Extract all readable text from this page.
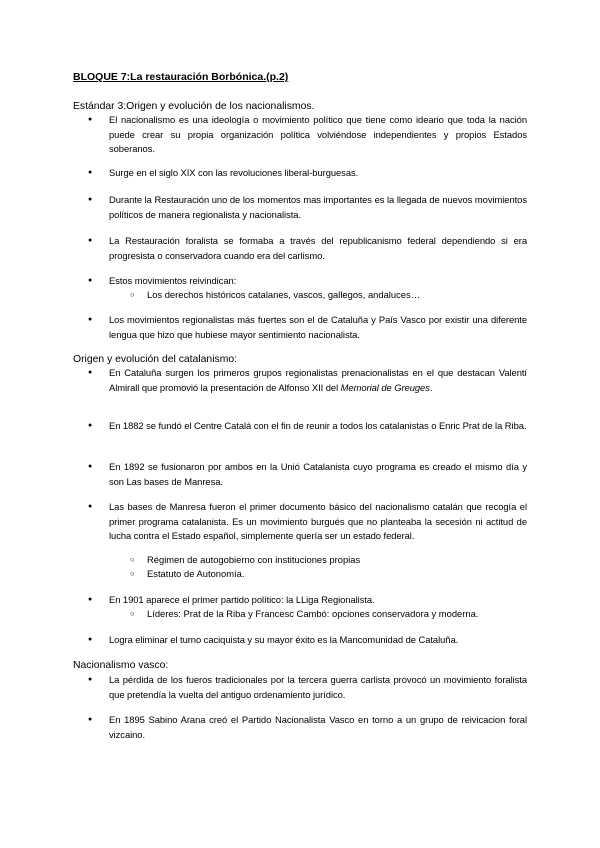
BLOQUE 7:La restauración Borbónica.(p.2)
Estándar 3:Origen y evolución de los nacionalismos.
● El nacionalismo es una ideología o movimiento político que tiene como ideario que toda la nación puede crear su propia organización política volviéndose independientes y propios Estados soberanos.
● Surge en el siglo XIX con las revoluciones liberal-burguesas.
● Durante la Restauración uno de los momentos mas importantes es la llegada de nuevos movimientos políticos de manera regionalista y nacionalista.
● La Restauración foralista se formaba a través del republicanismo federal dependiendo si era progresista o conservadora cuando era del carlismo.
● Estos movimientos reivindican:
○ Los derechos históricos catalanes, vascos, gallegos, andaluces…
● Los movimientos regionalistas más fuertes son el de Cataluña y País Vasco por existir una diferente lengua que hizo que hubiese mayor sentimiento nacionalista.
Origen y evolución del catalanismo:
● En Cataluña surgen los primeros grupos regionalistas prenacionalistas en el que destacan Valentí Almirall que promovió la presentación de Alfonso XII del Memorial de Greuges.
● En 1882 se fundó el Centre Catalá con el fin de reunir a todos los catalanistas o Enric Prat de la Riba.
● En 1892 se fusionaron por ambos en la Unió Catalanista cuyo programa es creado el mismo día y son Las bases de Manresa.
● Las bases de Manresa fueron el primer documento básico del nacionalismo catalán que recogía el primer programa catalanista. Es un movimiento burgués que no planteaba la secesión ni actitud de lucha contra el Estado español, simplemente quería ser un estado federal.
○ Régimen de autogobierno con instituciones propias
○ Estatuto de Autonomía.
● En 1901 aparece el primer partido político: la LLiga Regionalista.
○ Líderes: Prat de la Riba y Francesc Cambó: opciones conservadora y moderna.
● Logra eliminar el turno caciquista y su mayor éxito es la Mancomunidad de Cataluña.
Nacionalismo vasco:
● La pérdida de los fueros tradicionales por la tercera guerra carlista provocó un movimiento foralista que pretendía la vuelta del antiguo ordenamiento jurídico.
● En 1895 Sabino Arana creó el Partido Nacionalista Vasco en torno a un grupo de reivicacion foral vizcaino.
